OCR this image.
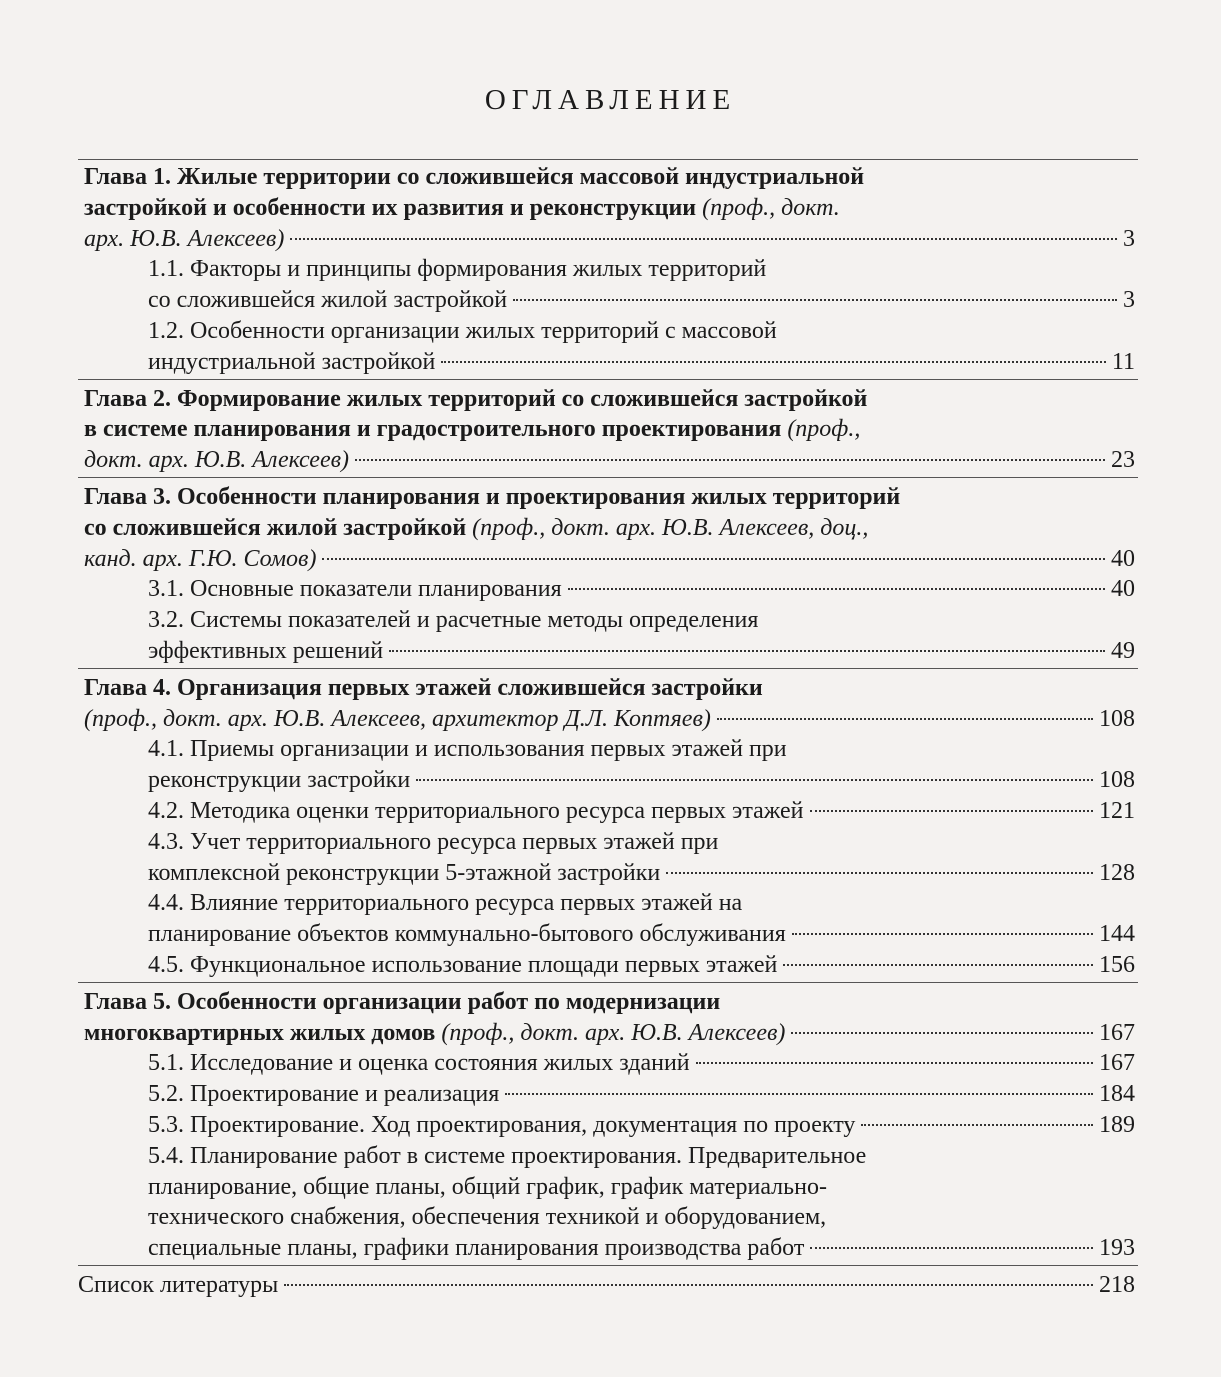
ОГЛАВЛЕНИЕ
Глава 1. Жилые территории со сложившейся массовой индустриальной
застройкой и особенности их развития и реконструкции (проф., докт.
арх. Ю.В. Алексеев)	3
1.1. Факторы и принципы формирования жилых территорий
со сложившейся жилой застройкой	3
1.2. Особенности организации жилых территорий с массовой
индустриальной застройкой	11
Глава 2. Формирование жилых территорий со сложившейся застройкой
в системе планирования и градостроительного проектирования (проф.,
докт. арх. Ю.В. Алексеев)	23
Глава 3. Особенности планирования и проектирования жилых территорий
со сложившейся жилой застройкой (проф., докт. арх. Ю.В. Алексеев, доц.,
канд. арх. Г.Ю. Сомов)	40
3.1. Основные показатели планирования	40
3.2. Системы показателей и расчетные методы определения
эффективных решений	49
Глава 4. Организация первых этажей сложившейся застройки
(проф., докт. арх. Ю.В. Алексеев, архитектор Д.Л. Коптяев)	108
4.1. Приемы организации и использования первых этажей при
реконструкции застройки	108
4.2. Методика оценки территориального ресурса первых этажей	121
4.3. Учет территориального ресурса первых этажей при
комплексной реконструкции 5-этажной застройки	128
4.4. Влияние территориального ресурса первых этажей на
планирование объектов коммунально-бытового обслуживания	144
4.5. Функциональное использование площади первых этажей	156
Глава 5. Особенности организации работ по модернизации
многоквартирных жилых домов (проф., докт. арх. Ю.В. Алексеев)	167
5.1. Исследование и оценка состояния жилых зданий	167
5.2. Проектирование и реализация	184
5.3. Проектирование. Ход проектирования, документация по проекту	189
5.4. Планирование работ в системе проектирования. Предварительное
планирование, общие планы, общий график, график материально-
технического снабжения, обеспечения техникой и оборудованием,
специальные планы, графики планирования производства работ	193
Список литературы	218
